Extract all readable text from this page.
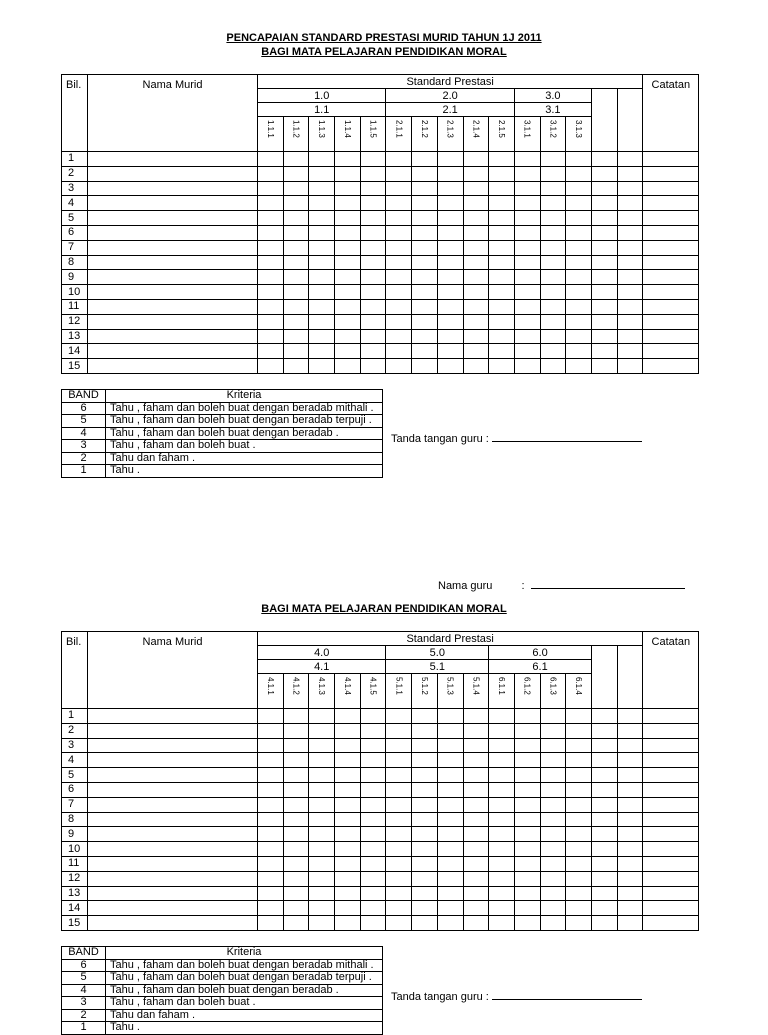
PENCAPAIAN STANDARD PRESTASI MURID TAHUN 1J 2011
BAGI MATA PELAJARAN PENDIDIKAN MORAL
Bil.	Nama Murid	Standard Prestasi															Catatan
		1.0					2.0					3.0					
		1.1					2.1					3.1					
		1.1.1	1.1.2	1.1.3	1.1.4	1.1.5	2.1.1	2.1.2	2.1.3	2.1.4	2.1.5	3.1.1	3.1.2	3.1.3			
1																	
2																	
3																	
4																	
5																	
6																	
7																	
8																	
9																	
10																	
11																	
12																	
13																	
14																	
15																	
BAND	Kriteria
6	Tahu , faham dan boleh buat dengan beradab mithali .
5	Tahu , faham dan boleh buat dengan beradab terpuji .
4	Tahu , faham dan boleh buat dengan beradab .
3	Tahu , faham dan boleh buat .
2	Tahu dan faham .
1	Tahu .
Tanda tangan guru :
Nama guru	:
BAGI MATA PELAJARAN PENDIDIKAN MORAL
Bil.	Nama Murid	Standard Prestasi															Catatan
		4.0					5.0				6.0						
		4.1					5.1				6.1						
		4.1.1	4.1.2	4.1.3	4.1.4	4.1.5	5.1.1	5.1.2	5.1.3	5.1.4	6.1.1	6.1.2	6.1.3	6.1.4			
1																	
2																	
3																	
4																	
5																	
6																	
7																	
8																	
9																	
10																	
11																	
12																	
13																	
14																	
15																	
BAND	Kriteria
6	Tahu , faham dan boleh buat dengan beradab mithali .
5	Tahu , faham dan boleh buat dengan beradab terpuji .
4	Tahu , faham dan boleh buat dengan beradab .
3	Tahu , faham dan boleh buat .
2	Tahu dan faham .
1	Tahu .
Tanda tangan guru :
